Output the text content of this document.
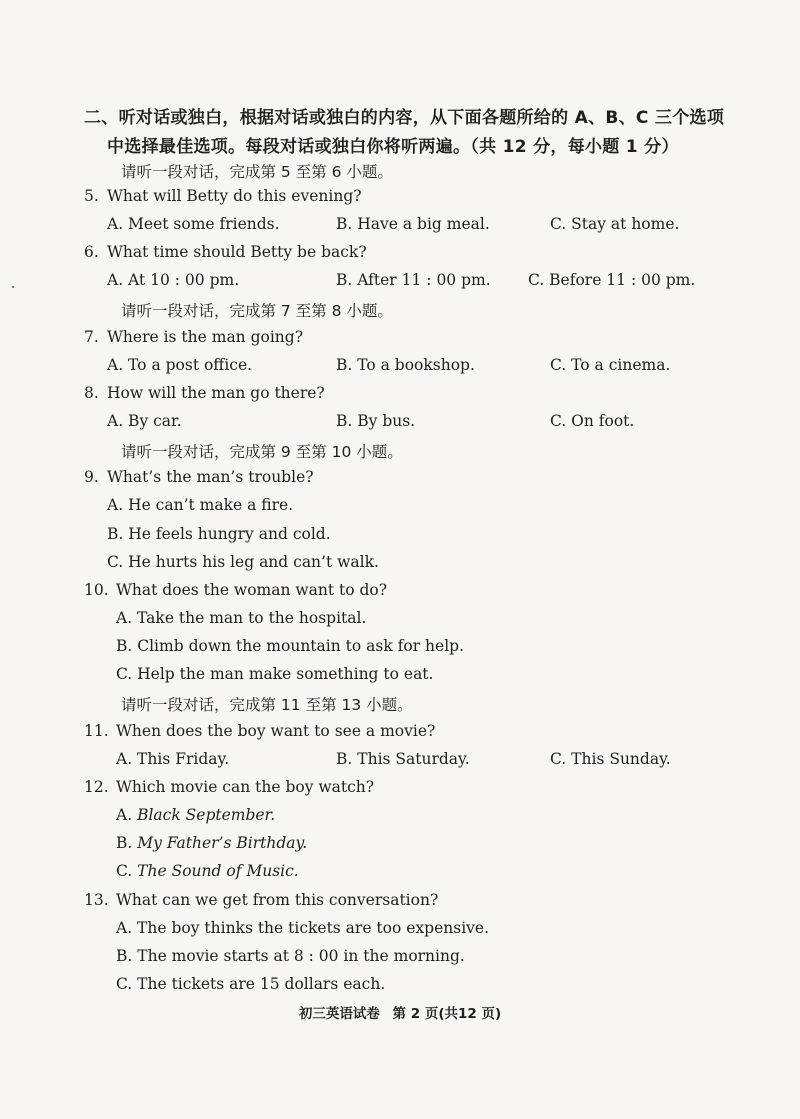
二、听对话或独白，根据对话或独白的内容，从下面各题所给的 A、B、C 三个选项
中选择最佳选项。每段对话或独白你将听两遍。（共 12 分，每小题 1 分）
请听一段对话，完成第 5 至第 6 小题。
5. What will Betty do this evening?
A. Meet some friends.	B. Have a big meal.	C. Stay at home.
6. What time should Betty be back?
A. At 10 : 00 pm.	B. After 11 : 00 pm. C. Before 11 : 00 pm.
请听一段对话，完成第 7 至第 8 小题。
7. Where is the man going?
A. To a post office.	B. To a bookshop.	C. To a cinema.
8. How will the man go there?
A. By car.	B. By bus.	C. On foot.
请听一段对话，完成第 9 至第 10 小题。
9. What’s the man’s trouble?
A. He can’t make a fire.
B. He feels hungry and cold.
C. He hurts his leg and can’t walk.
10. What does the woman want to do?
A. Take the man to the hospital.
B. Climb down the mountain to ask for help.
C. Help the man make something to eat.
请听一段对话，完成第 11 至第 13 小题。
11. When does the boy want to see a movie?
A. This Friday.	B. This Saturday.	C. This Sunday.
12. Which movie can the boy watch?
A. Black September.
B. My Father’s Birthday.
C. The Sound of Music.
13. What can we get from this conversation?
A. The boy thinks the tickets are too expensive.
B. The movie starts at 8 : 00 in the morning.
C. The tickets are 15 dollars each.
初三英语试卷 第 2 页(共12 页)
